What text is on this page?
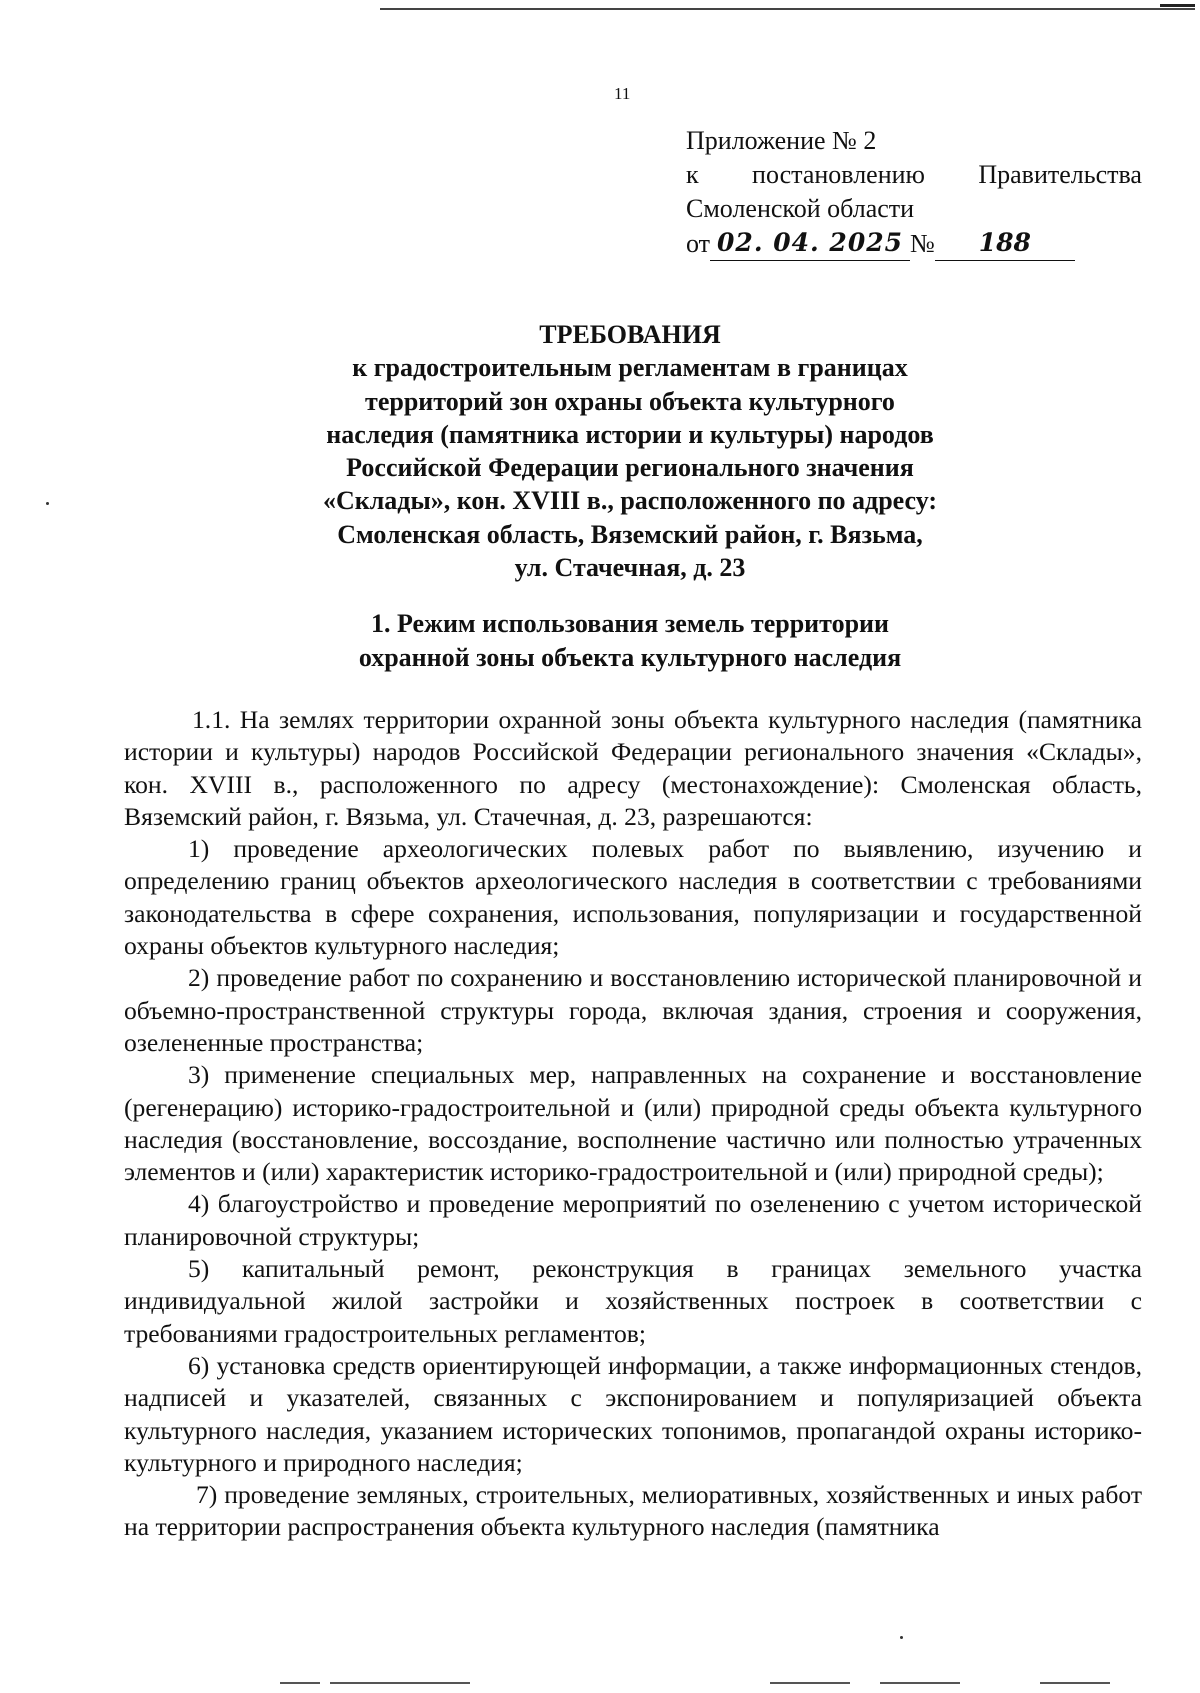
11
Приложение № 2
к постановлению Правительства
Смоленской области
от 02. 04. 2025 №	188
ТРЕБОВАНИЯ
к градостроительным регламентам в границах
территорий зон охраны объекта культурного
наследия (памятника истории и культуры) народов
Российской Федерации регионального значения
«Склады», кон. XVIII в., расположенного по адресу:
Смоленская область, Вяземский район, г. Вязьма,
ул. Стачечная, д. 23
1. Режим использования земель территории
охранной зоны объекта культурного наследия

1.1. На землях территории охранной зоны объекта культурного наследия (памятника истории и культуры) народов Российской Федерации регионального значения «Склады», кон. XVIII в., расположенного по адресу (местонахождение): Смоленская область, Вяземский район, г. Вязьма, ул. Стачечная, д. 23, разрешаются:

1) проведение археологических полевых работ по выявлению, изучению и определению границ объектов археологического наследия в соответствии с требованиями законодательства в сфере сохранения, использования, популяризации и государственной охраны объектов культурного наследия;

2) проведение работ по сохранению и восстановлению исторической планировочной и объемно-пространственной структуры города, включая здания, строения и сооружения, озелененные пространства;

3) применение специальных мер, направленных на сохранение и восстановление (регенерацию) историко-градостроительной и (или) природной среды объекта культурного наследия (восстановление, воссоздание, восполнение частично или полностью утраченных элементов и (или) характеристик историко-градостроительной и (или) природной среды);

4) благоустройство и проведение мероприятий по озеленению с учетом исторической планировочной структуры;

5) капитальный ремонт, реконструкция в границах земельного участка индивидуальной жилой застройки и хозяйственных построек в соответствии с требованиями градостроительных регламентов;

6) установка средств ориентирующей информации, а также информационных стендов, надписей и указателей, связанных с экспонированием и популяризацией объекта культурного наследия, указанием исторических топонимов, пропагандой охраны историко-культурного и природного наследия;

7) проведение земляных, строительных, мелиоративных, хозяйственных и иных работ на территории распространения объекта культурного наследия (памятника
